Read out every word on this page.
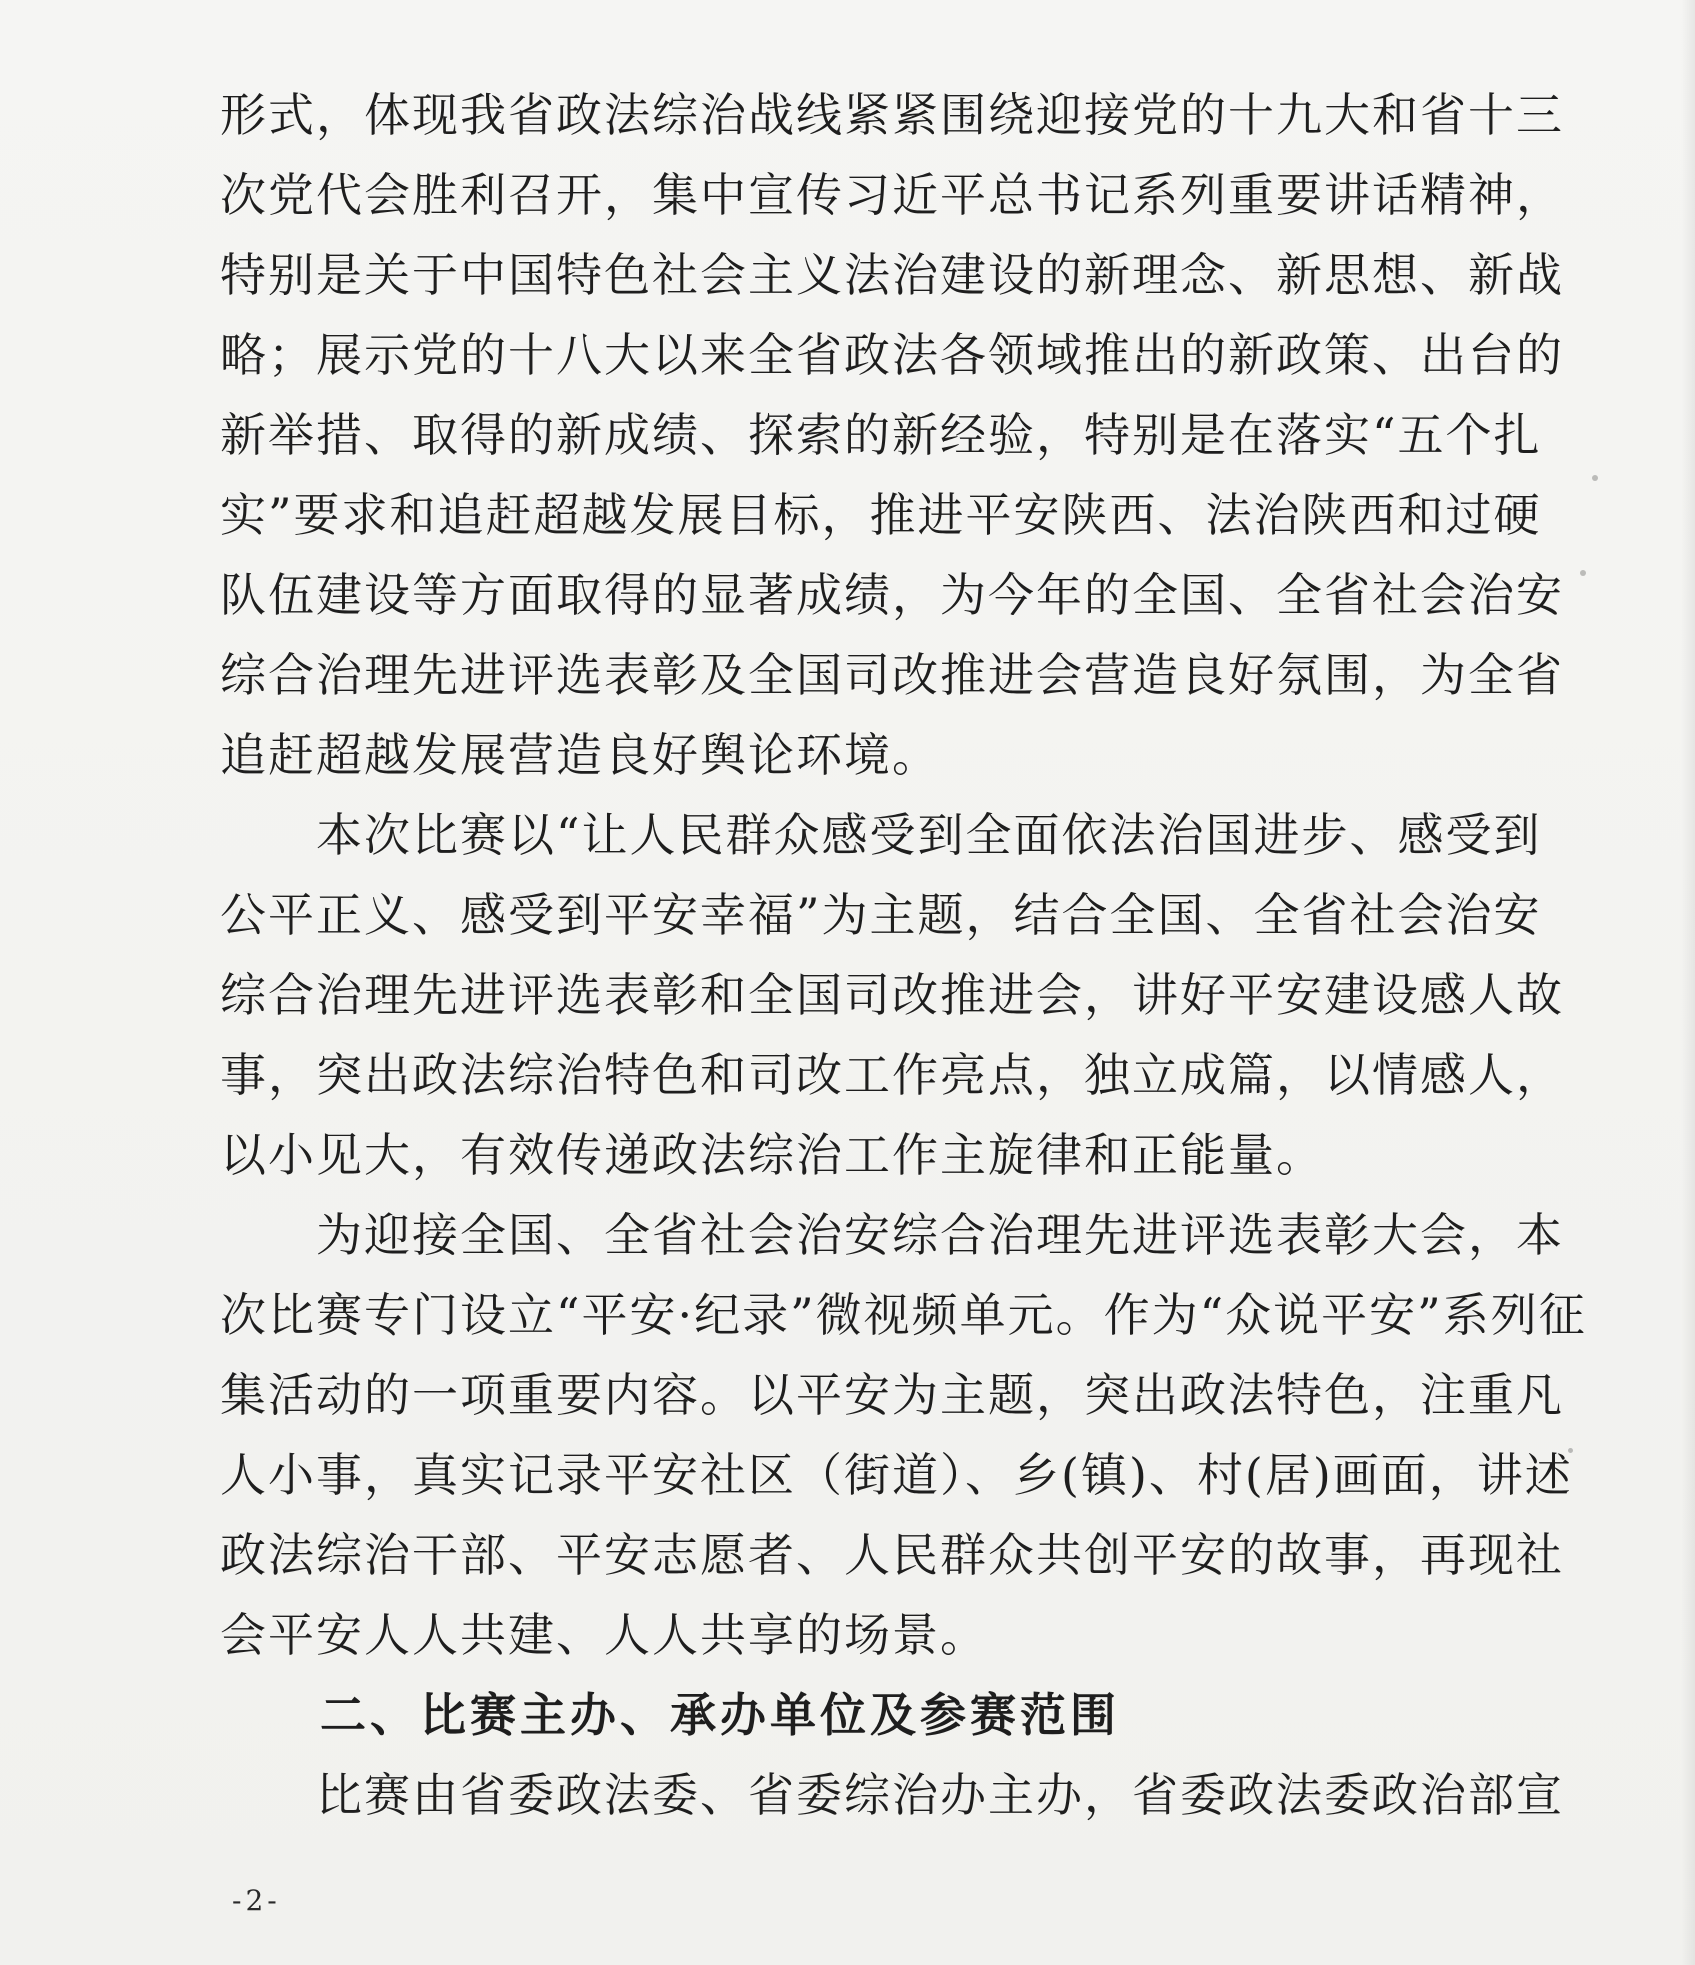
形式，体现我省政法综治战线紧紧围绕迎接党的十九大和省十三
次党代会胜利召开，集中宣传习近平总书记系列重要讲话精神，
特别是关于中国特色社会主义法治建设的新理念、新思想、新战
略；展示党的十八大以来全省政法各领域推出的新政策、出台的
新举措、取得的新成绩、探索的新经验，特别是在落实“五个扎
实”要求和追赶超越发展目标，推进平安陕西、法治陕西和过硬
队伍建设等方面取得的显著成绩，为今年的全国、全省社会治安
综合治理先进评选表彰及全国司改推进会营造良好氛围，为全省
追赶超越发展营造良好舆论环境。
　　本次比赛以“让人民群众感受到全面依法治国进步、感受到
公平正义、感受到平安幸福”为主题，结合全国、全省社会治安
综合治理先进评选表彰和全国司改推进会，讲好平安建设感人故
事，突出政法综治特色和司改工作亮点，独立成篇，以情感人，
以小见大，有效传递政法综治工作主旋律和正能量。
　　为迎接全国、全省社会治安综合治理先进评选表彰大会，本
次比赛专门设立“平安·纪录”微视频单元。作为“众说平安”系列征
集活动的一项重要内容。以平安为主题，突出政法特色，注重凡
人小事，真实记录平安社区（街道）、乡(镇)、村(居)画面，讲述
政法综治干部、平安志愿者、人民群众共创平安的故事，再现社
会平安人人共建、人人共享的场景。
　　二、比赛主办、承办单位及参赛范围
　　比赛由省委政法委、省委综治办主办，省委政法委政治部宣
-2-
